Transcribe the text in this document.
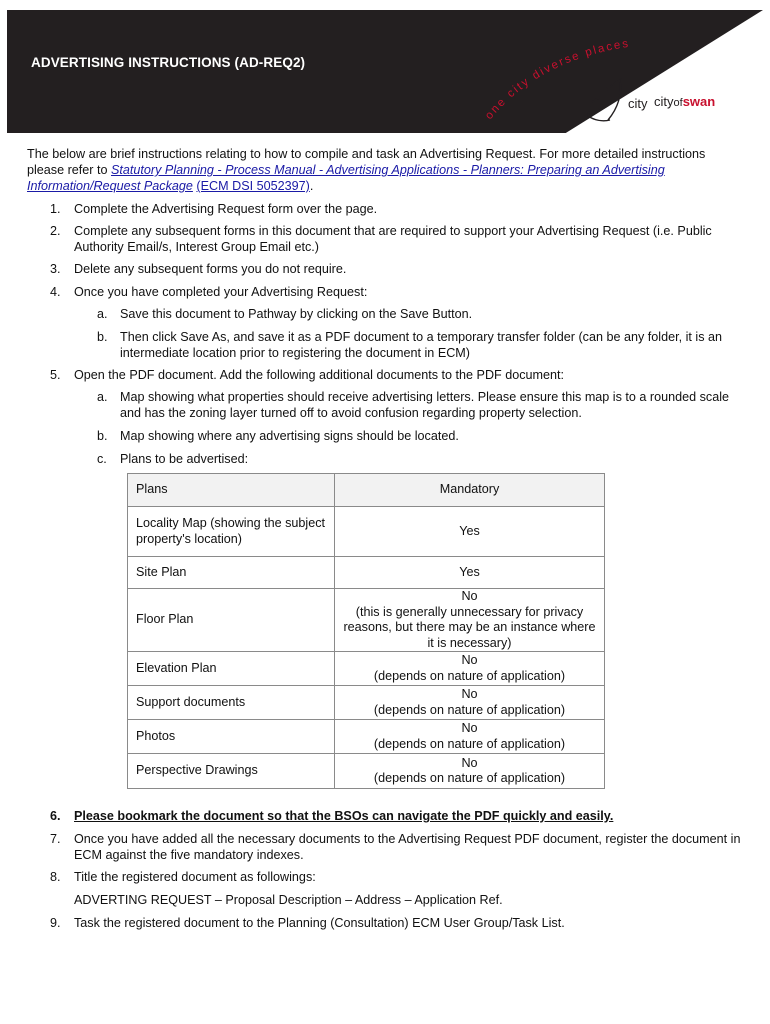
ADVERTISING INSTRUCTIONS (AD-REQ2)
one city diverse places
city cityofswan
The below are brief instructions relating to how to compile and task an Advertising Request. For more detailed instructions please refer to Statutory Planning - Process Manual - Advertising Applications - Planners: Preparing an Advertising Information/Request Package (ECM DSI 5052397).
1. Complete the Advertising Request form over the page.
2. Complete any subsequent forms in this document that are required to support your Advertising Request (i.e. Public Authority Email/s, Interest Group Email etc.)
3. Delete any subsequent forms you do not require.
4. Once you have completed your Advertising Request:
a. Save this document to Pathway by clicking on the Save Button.
b. Then click Save As, and save it as a PDF document to a temporary transfer folder (can be any folder, it is an intermediate location prior to registering the document in ECM)
5. Open the PDF document. Add the following additional documents to the PDF document:
a. Map showing what properties should receive advertising letters. Please ensure this map is to a rounded scale and has the zoning layer turned off to avoid confusion regarding property selection.
b. Map showing where any advertising signs should be located.
c. Plans to be advertised:
Plans	Mandatory
Locality Map (showing the subject property's location)	Yes
Site Plan	Yes
Floor Plan	No
(this is generally unnecessary for privacy reasons, but there may be an instance where it is necessary)

Elevation Plan	No
(depends on nature of application)

Support documents	No
(depends on nature of application)

Photos	No
(depends on nature of application)

Perspective Drawings	No
(depends on nature of application)
6. Please bookmark the document so that the BSOs can navigate the PDF quickly and easily.
7. Once you have added all the necessary documents to the Advertising Request PDF document, register the document in ECM against the five mandatory indexes.
8. Title the registered document as followings:
ADVERTING REQUEST – Proposal Description – Address – Application Ref.
9. Task the registered document to the Planning (Consultation) ECM User Group/Task List.
